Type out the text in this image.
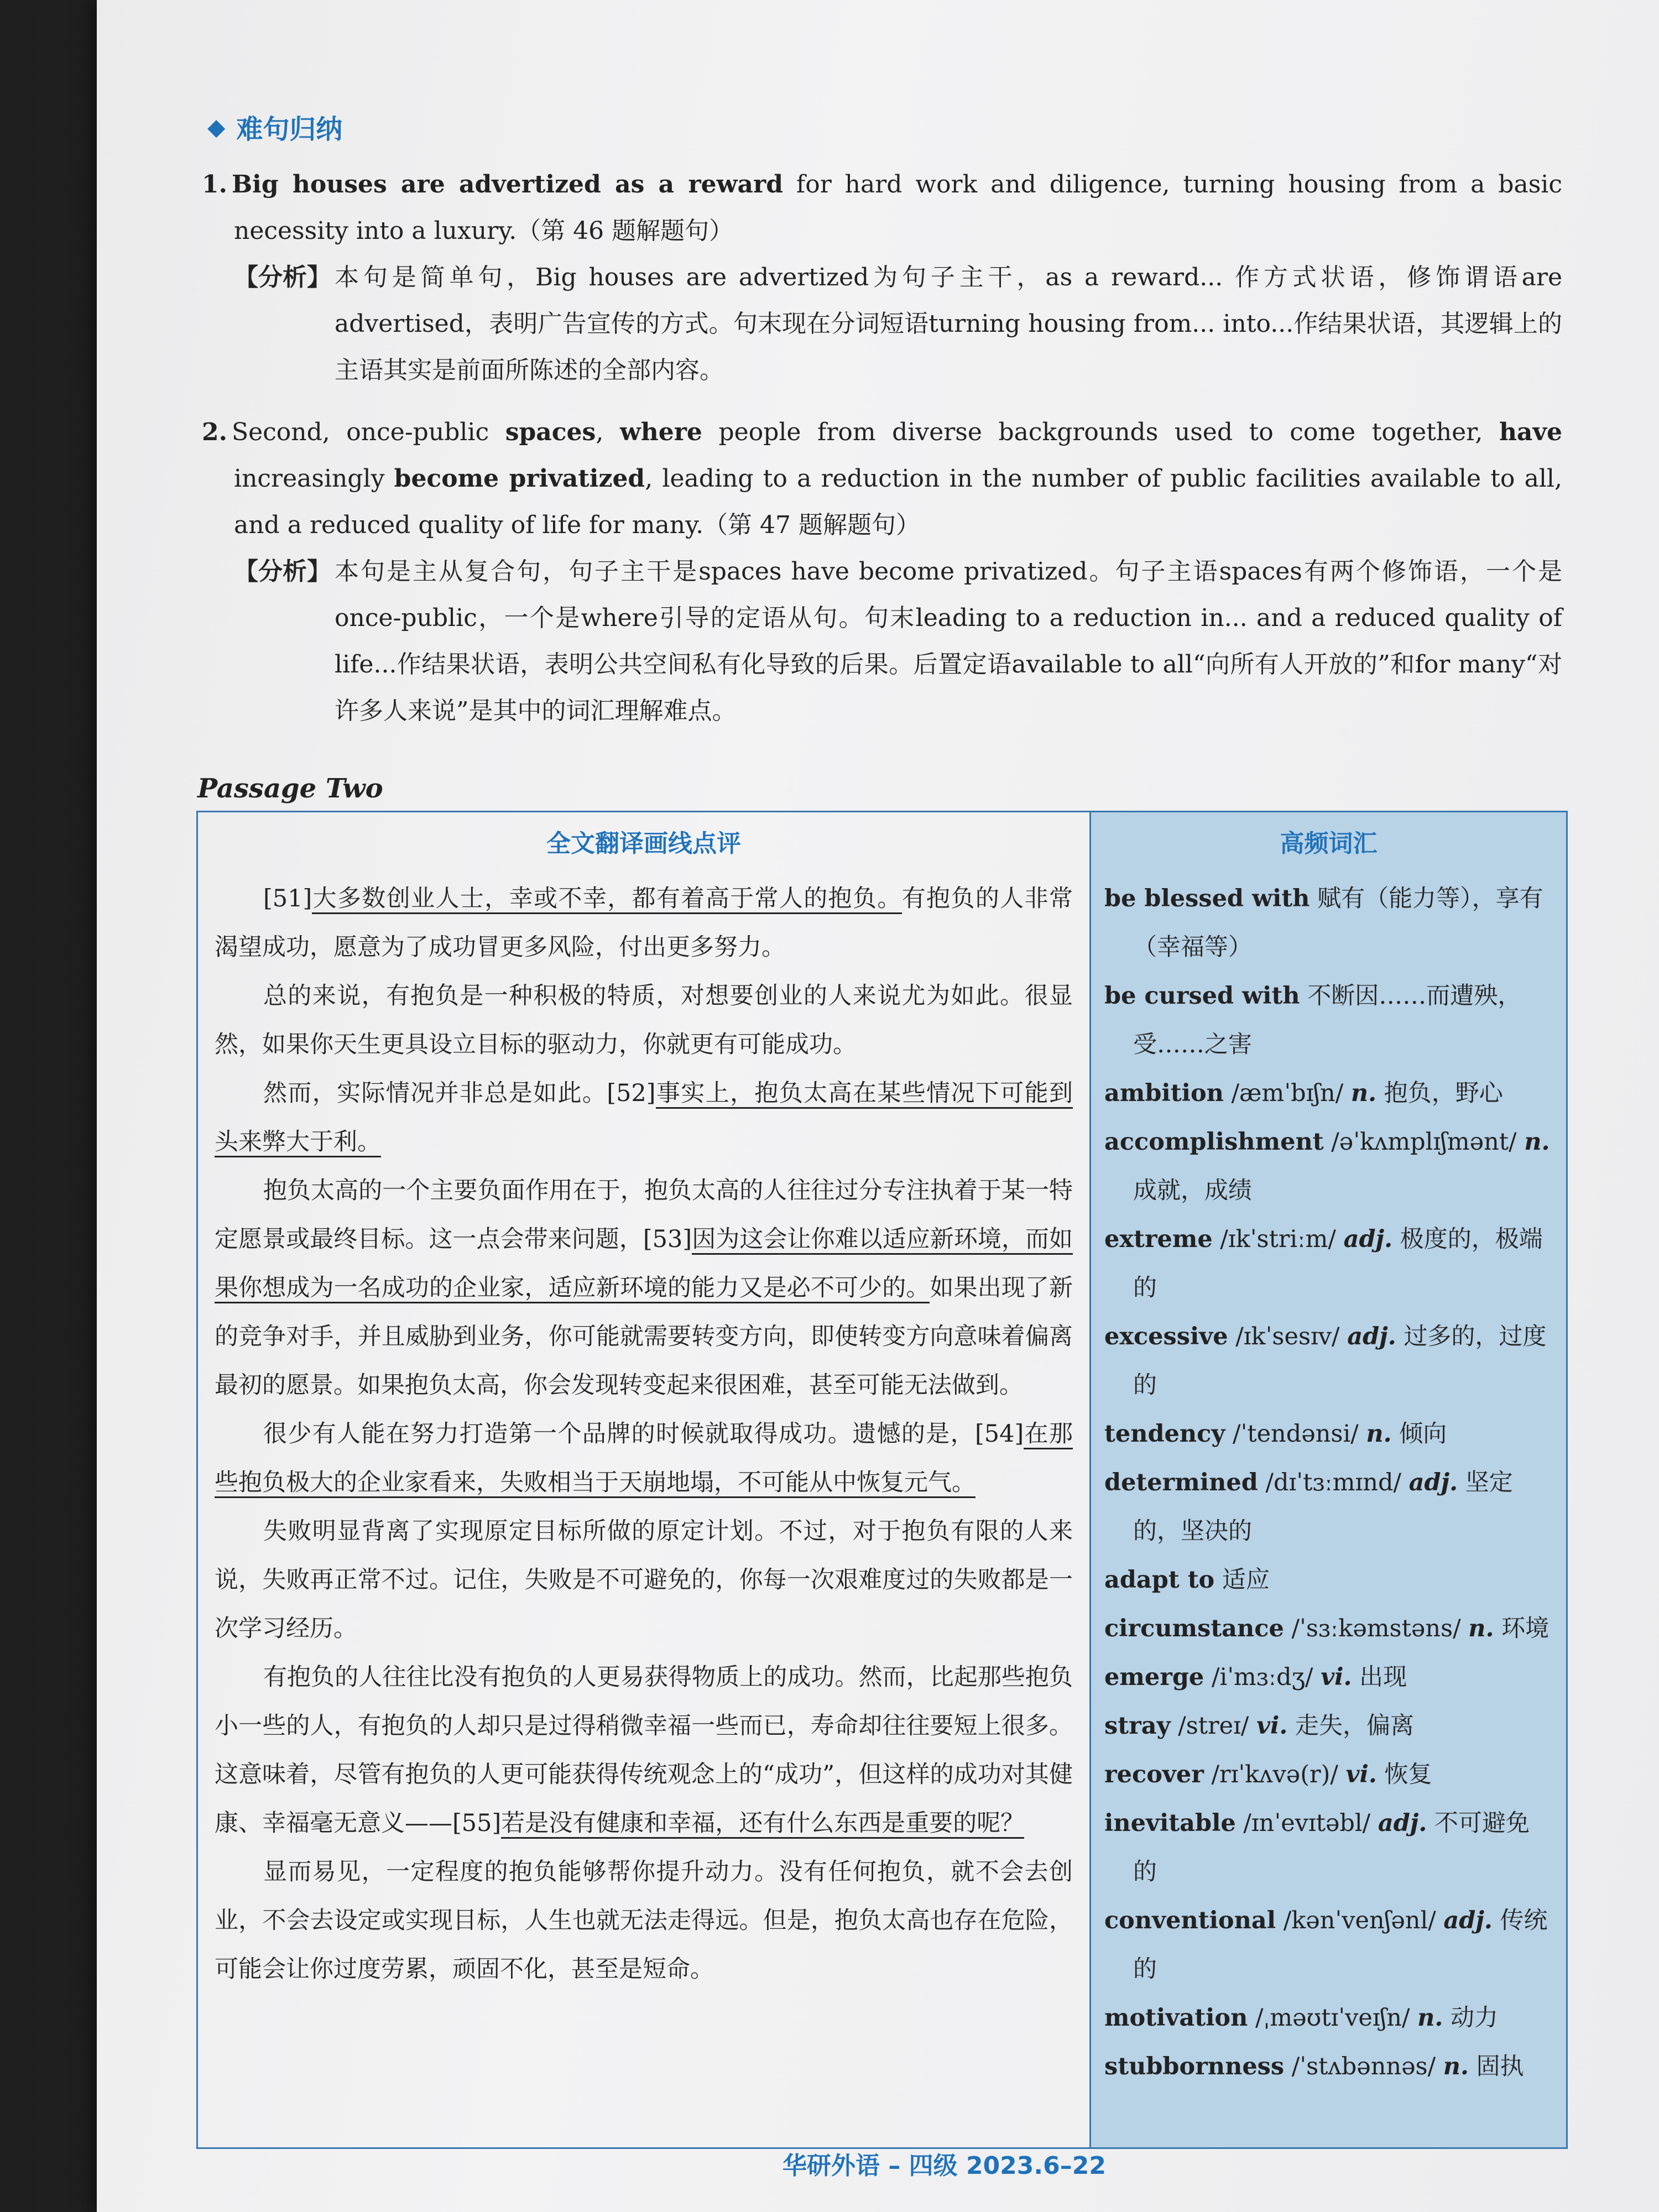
◆ 难句归纳
1. Big houses are advertized as a reward for hard work and diligence, turning housing from a basic necessity into a luxury.（第 46 题解题句）
【分析】 本句是简单句，Big houses are advertized为句子主干，as a reward... 作方式状语，修饰谓语are advertised，表明广告宣传的方式。句末现在分词短语turning housing from... into...作结果状语，其逻辑上的主语其实是前面所陈述的全部内容。
2. Second, once-public spaces, where people from diverse backgrounds used to come together, have increasingly become privatized, leading to a reduction in the number of public facilities available to all, and a reduced quality of life for many.（第 47 题解题句）
【分析】 本句是主从复合句，句子主干是spaces have become privatized。句子主语spaces有两个修饰语，一个是once-public，一个是where引导的定语从句。句末leading to a reduction in... and a reduced quality of life...作结果状语，表明公共空间私有化导致的后果。后置定语available to all“向所有人开放的”和for many“对许多人来说”是其中的词汇理解难点。
Passage Two
全文翻译画线点评

[51]大多数创业人士，幸或不幸，都有着高于常人的抱负。有抱负的人非常渴望成功，愿意为了成功冒更多风险，付出更多努力。

总的来说，有抱负是一种积极的特质，对想要创业的人来说尤为如此。很显然，如果你天生更具设立目标的驱动力，你就更有可能成功。

然而，实际情况并非总是如此。[52]事实上，抱负太高在某些情况下可能到头来弊大于利。

抱负太高的一个主要负面作用在于，抱负太高的人往往过分专注执着于某一特定愿景或最终目标。这一点会带来问题，[53]因为这会让你难以适应新环境，而如果你想成为一名成功的企业家，适应新环境的能力又是必不可少的。如果出现了新的竞争对手，并且威胁到业务，你可能就需要转变方向，即使转变方向意味着偏离最初的愿景。如果抱负太高，你会发现转变起来很困难，甚至可能无法做到。

很少有人能在努力打造第一个品牌的时候就取得成功。遗憾的是，[54]在那些抱负极大的企业家看来，失败相当于天崩地塌，不可能从中恢复元气。

失败明显背离了实现原定目标所做的原定计划。不过，对于抱负有限的人来说，失败再正常不过。记住，失败是不可避免的，你每一次艰难度过的失败都是一次学习经历。

有抱负的人往往比没有抱负的人更易获得物质上的成功。然而，比起那些抱负小一些的人，有抱负的人却只是过得稍微幸福一些而已，寿命却往往要短上很多。这意味着，尽管有抱负的人更可能获得传统观念上的“成功”，但这样的成功对其健康、幸福毫无意义——[55]若是没有健康和幸福，还有什么东西是重要的呢？

显而易见，一定程度的抱负能够帮你提升动力。没有任何抱负，就不会去创业，不会去设定或实现目标，人生也就无法走得远。但是，抱负太高也存在危险，可能会让你过度劳累，顽固不化，甚至是短命。

高频词汇
be blessed with 赋有（能力等），享有（幸福等）
be cursed with 不断因……而遭殃，受……之害
ambition /æmˈbɪʃn/ n. 抱负，野心
accomplishment /əˈkʌmplɪʃmənt/ n. 成就，成绩
extreme /ɪkˈstriːm/ adj. 极度的，极端的
excessive /ɪkˈsesɪv/ adj. 过多的，过度的
tendency /ˈtendənsi/ n. 倾向
determined /dɪˈtɜːmɪnd/ adj. 坚定的，坚决的
adapt to 适应
circumstance /ˈsɜːkəmstəns/ n. 环境
emerge /iˈmɜːdʒ/ vi. 出现
stray /streɪ/ vi. 走失，偏离
recover /rɪˈkʌvə(r)/ vi. 恢复
inevitable /ɪnˈevɪtəbl/ adj. 不可避免的
conventional /kənˈvenʃənl/ adj. 传统的
motivation /ˌməʊtɪˈveɪʃn/ n. 动力
stubbornness /ˈstʌbənnəs/ n. 固执
华研外语 – 四级 2023.6–22
